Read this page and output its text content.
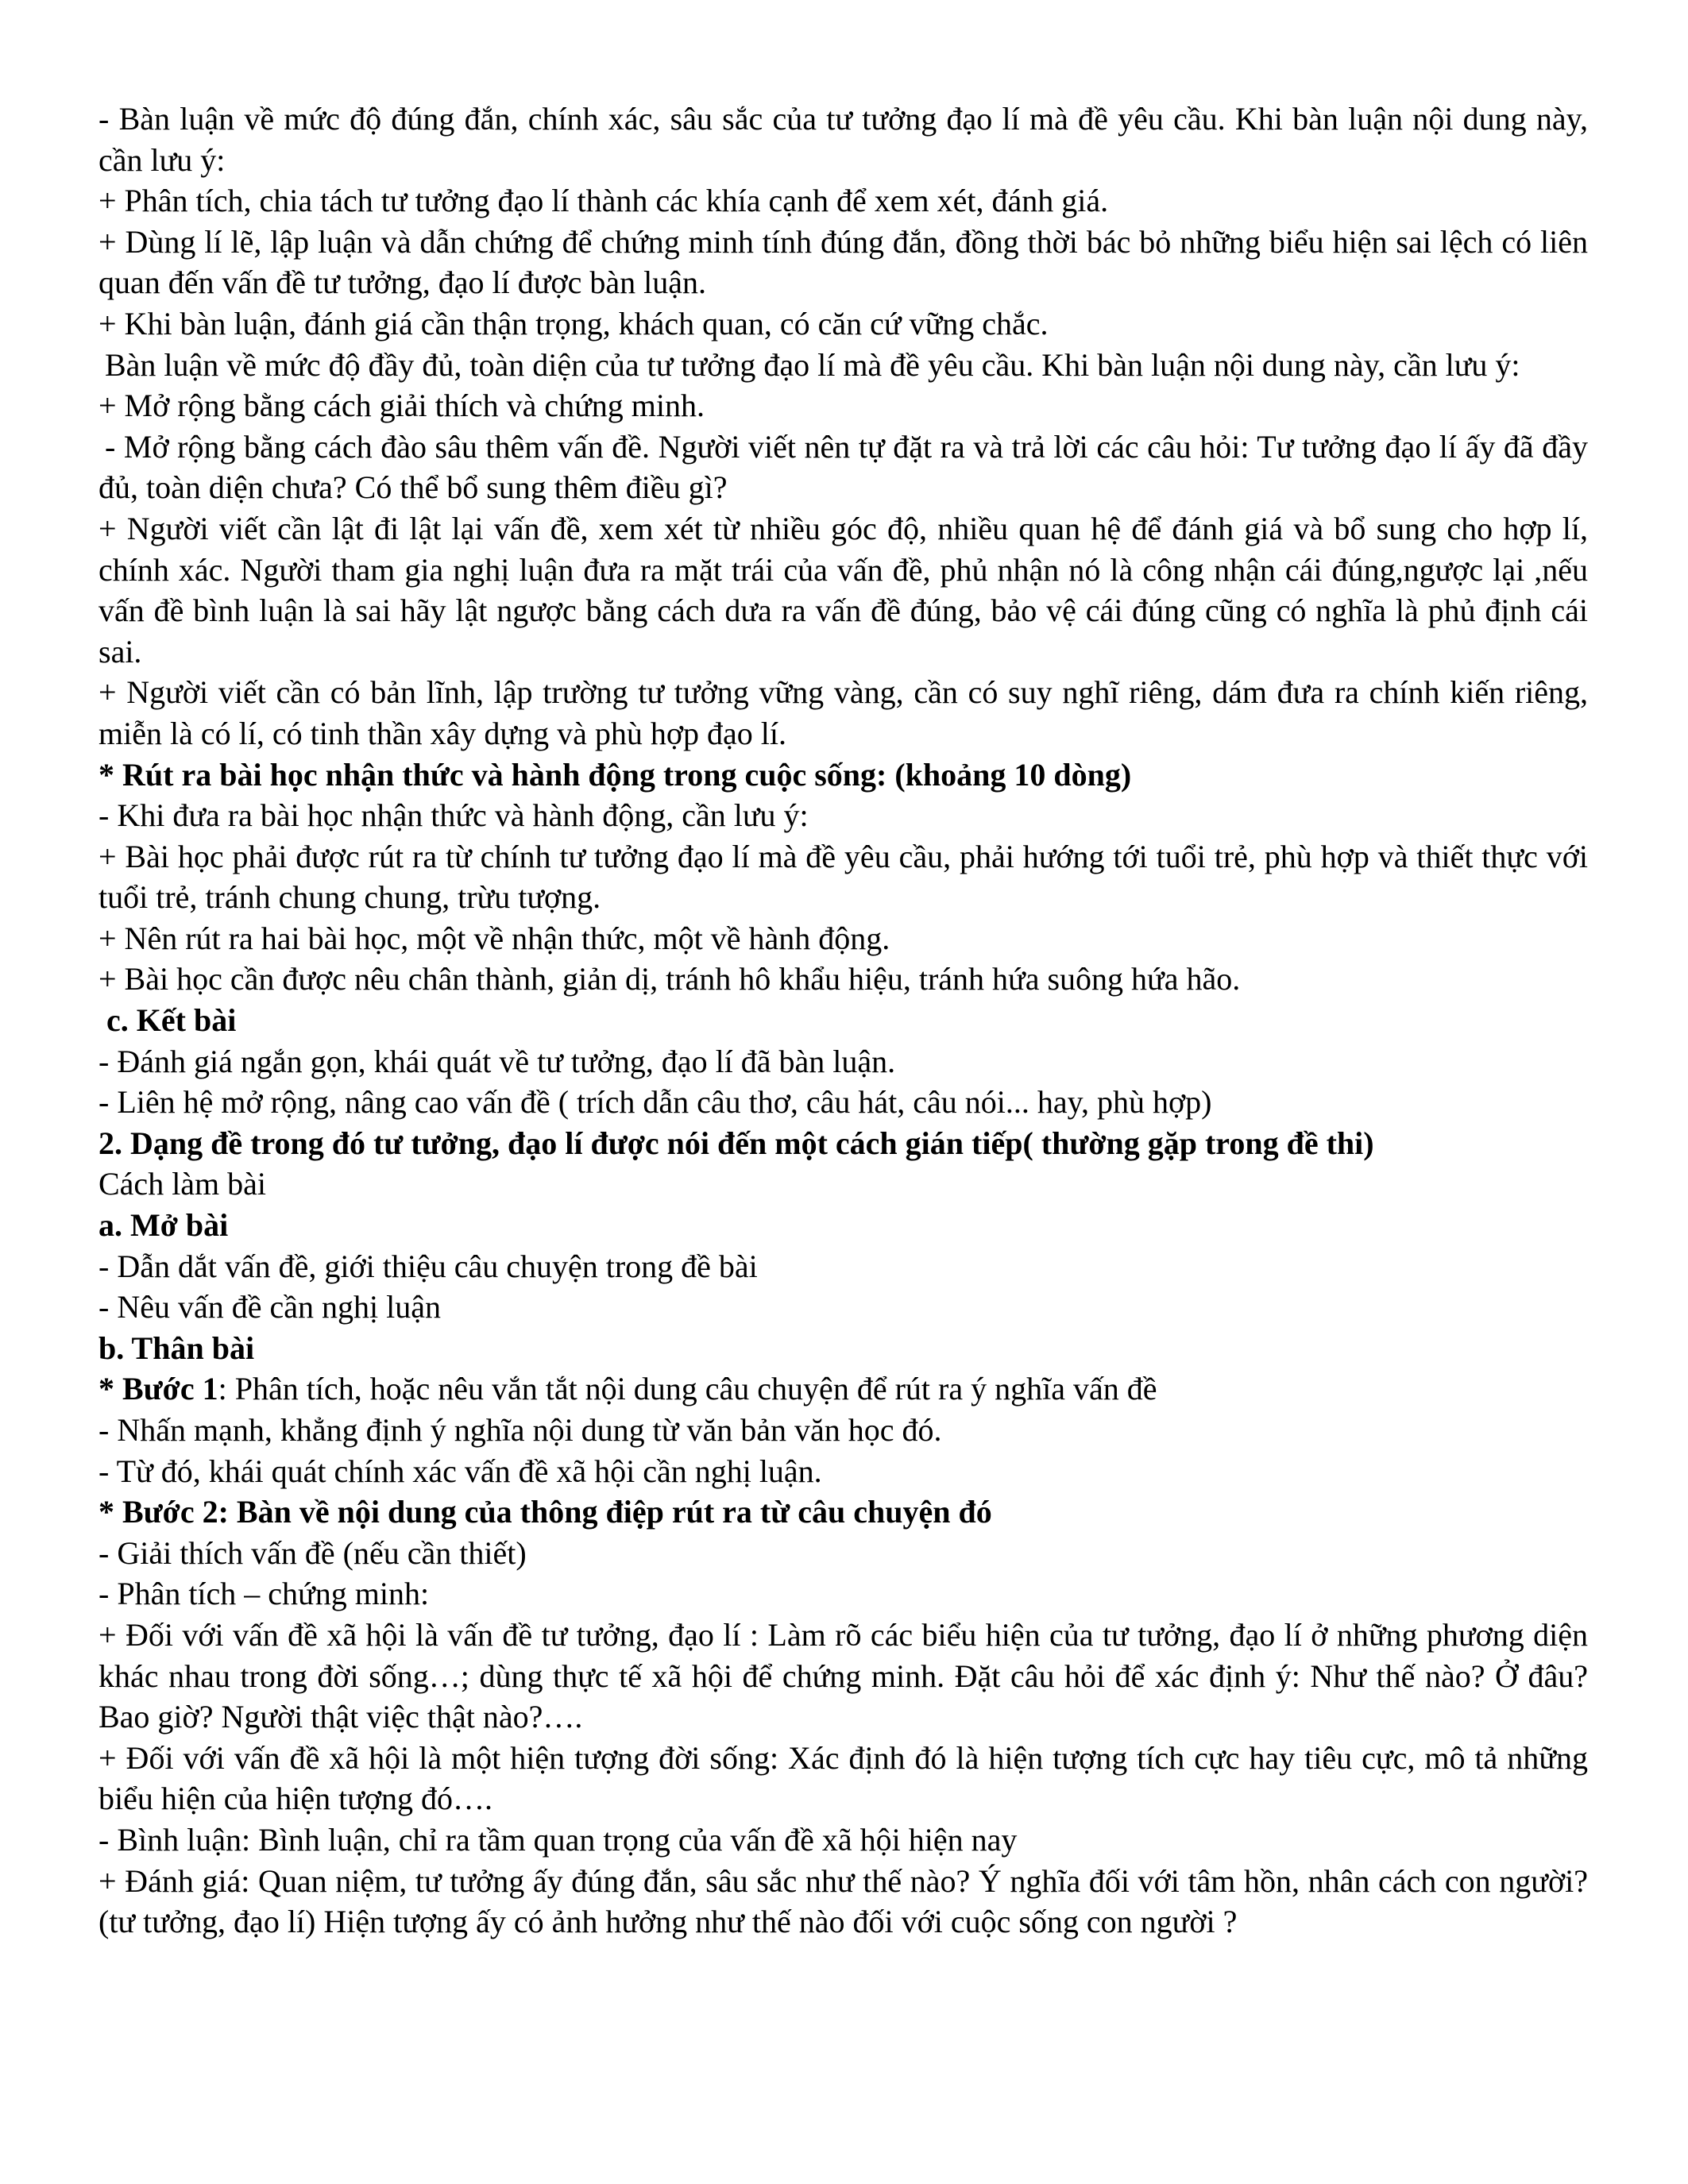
- Bàn luận về mức độ đúng đắn, chính xác, sâu sắc của tư tưởng đạo lí mà đề yêu cầu. Khi bàn luận nội dung này, cần lưu ý:

+ Phân tích, chia tách tư tưởng đạo lí thành các khía cạnh để xem xét, đánh giá.

+ Dùng lí lẽ, lập luận và dẫn chứng để chứng minh tính đúng đắn, đồng thời bác bỏ những biểu hiện sai lệch có liên quan đến vấn đề tư tưởng, đạo lí được bàn luận.

+ Khi bàn luận, đánh giá cần thận trọng, khách quan, có căn cứ vững chắc.

Bàn luận về mức độ đầy đủ, toàn diện của tư tưởng đạo lí mà đề yêu cầu. Khi bàn luận nội dung này, cần lưu ý:

+ Mở rộng bằng cách giải thích và chứng minh.

- Mở rộng bằng cách đào sâu thêm vấn đề. Người viết nên tự đặt ra và trả lời các câu hỏi: Tư tưởng đạo lí ấy đã đầy đủ, toàn diện chưa? Có thể bổ sung thêm điều gì?

+ Người viết cần lật đi lật lại vấn đề, xem xét từ nhiều góc độ, nhiều quan hệ để đánh giá và bổ sung cho hợp lí, chính xác. Người tham gia nghị luận đưa ra mặt trái của vấn đề, phủ nhận nó là công nhận cái đúng,ngược lại ,nếu vấn đề bình luận là sai hãy lật ngược bằng cách dưa ra vấn đề đúng, bảo vệ cái đúng cũng có nghĩa là phủ định cái sai.

+ Người viết cần có bản lĩnh, lập trường tư tưởng vững vàng, cần có suy nghĩ riêng, dám đưa ra chính kiến riêng, miễn là có lí, có tinh thần xây dựng và phù hợp đạo lí.

* Rút ra bài học nhận thức và hành động trong cuộc sống: (khoảng 10 dòng)

- Khi đưa ra bài học nhận thức và hành động, cần lưu ý:

+ Bài học phải được rút ra từ chính tư tưởng đạo lí mà đề yêu cầu, phải hướng tới tuổi trẻ, phù hợp và thiết thực với tuổi trẻ, tránh chung chung, trừu tượng.

+ Nên rút ra hai bài học, một về nhận thức, một về hành động.

+ Bài học cần được nêu chân thành, giản dị, tránh hô khẩu hiệu, tránh hứa suông hứa hão.

c. Kết bài

- Đánh giá ngắn gọn, khái quát về tư tưởng, đạo lí đã bàn luận.

- Liên hệ mở rộng, nâng cao vấn đề ( trích dẫn câu thơ, câu hát, câu nói... hay, phù hợp)

2. Dạng đề trong đó tư tưởng, đạo lí được nói đến một cách gián tiếp( thường gặp trong đề thi)

Cách làm bài

a. Mở bài

- Dẫn dắt vấn đề, giới thiệu câu chuyện trong đề bài

- Nêu vấn đề cần nghị luận

b. Thân bài

* Bước 1: Phân tích, hoặc nêu vắn tắt nội dung câu chuyện để rút ra ý nghĩa vấn đề

- Nhấn mạnh, khẳng định ý nghĩa nội dung từ văn bản văn học đó.

- Từ đó, khái quát chính xác vấn đề xã hội cần nghị luận.

* Bước 2: Bàn về nội dung của thông điệp rút ra từ câu chuyện đó

- Giải thích vấn đề (nếu cần thiết)

- Phân tích – chứng minh:

+ Đối với vấn đề xã hội là vấn đề tư tưởng, đạo lí : Làm rõ các biểu hiện của tư tưởng, đạo lí ở những phương diện khác nhau trong đời sống…; dùng thực tế xã hội để chứng minh. Đặt câu hỏi để xác định ý: Như thế nào? Ở đâu? Bao giờ? Người thật việc thật nào?….

+ Đối với vấn đề xã hội là một hiện tượng đời sống: Xác định đó là hiện tượng tích cực hay tiêu cực, mô tả những biểu hiện của hiện tượng đó….

- Bình luận: Bình luận, chỉ ra tầm quan trọng của vấn đề xã hội hiện nay

+ Đánh giá: Quan niệm, tư tưởng ấy đúng đắn, sâu sắc như thế nào? Ý nghĩa đối với tâm hồn, nhân cách con người? (tư tưởng, đạo lí) Hiện tượng ấy có ảnh hưởng như thế nào đối với cuộc sống con người ?
